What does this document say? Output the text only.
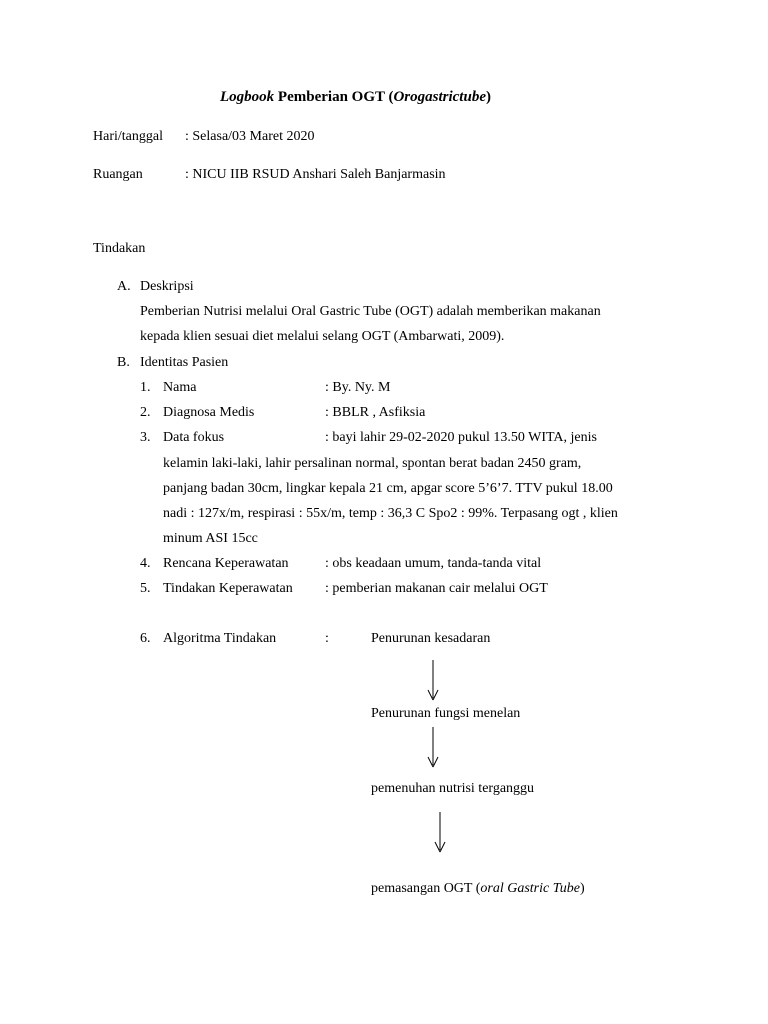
Logbook Pemberian OGT (Orogastrictube)
Hari/tanggal : Selasa/03 Maret 2020
Ruangan	: NICU IIB RSUD Anshari Saleh Banjarmasin
Tindakan
A. Deskripsi
Pemberian Nutrisi melalui Oral Gastric Tube (OGT) adalah memberikan makanan
kepada klien sesuai diet melalui selang OGT (Ambarwati, 2009).
B. Identitas Pasien
1. Nama	: By. Ny. M
2. Diagnosa Medis	: BBLR , Asfiksia
3. Data fokus	: bayi lahir 29-02-2020 pukul 13.50 WITA, jenis
kelamin laki-laki, lahir persalinan normal, spontan berat badan 2450 gram,
panjang badan 30cm, lingkar kepala 21 cm, apgar score 5’6’7. TTV pukul 18.00
nadi : 127x/m, respirasi : 55x/m, temp : 36,3 C Spo2 : 99%. Terpasang ogt , klien
minum ASI 15cc
4. Rencana Keperawatan	: obs keadaan umum, tanda-tanda vital
5. Tindakan Keperawatan : pemberian makanan cair melalui OGT
6. Algoritma Tindakan	:	Penurunan kesadaran
Penurunan fungsi menelan
pemenuhan nutrisi terganggu
pemasangan OGT (oral Gastric Tube)
